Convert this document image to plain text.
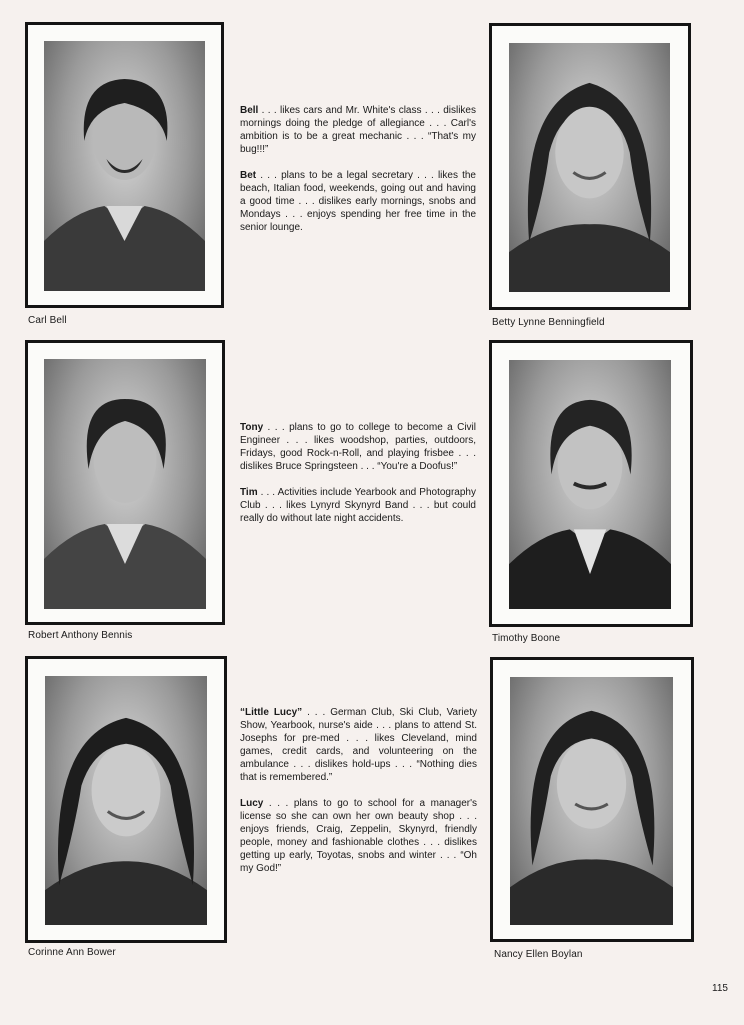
Carl Bell	Betty Lynne Benningfield
Robert Anthony Bennis	Timothy Boone
Corinne Ann Bower	Nancy Ellen Boylan

Bell . . . likes cars and Mr. White's class . . . dislikes mornings doing the pledge of allegiance . . . Carl's ambition is to be a great mechanic . . . “That's my bug!!!”

Bet . . . plans to be a legal secretary . . . likes the beach, Italian food, weekends, going out and having a good time . . . dislikes early mornings, snobs and Mondays . . . enjoys spending her free time in the senior lounge.

Tony . . . plans to go to college to become a Civil Engineer . . . likes woodshop, parties, outdoors, Fridays, good Rock-n-Roll, and playing frisbee . . . dislikes Bruce Springsteen . . . “You're a Doofus!”

Tim . . . Activities include Yearbook and Photography Club . . . likes Lynyrd Skynyrd Band . . . but could really do without late night accidents.

“Little Lucy” . . . German Club, Ski Club, Variety Show, Yearbook, nurse's aide . . . plans to attend St. Josephs for pre-med . . . likes Cleveland, mind games, credit cards, and volunteering on the ambulance . . . dislikes hold-ups . . . “Nothing dies that is remembered.”

Lucy . . . plans to go to school for a manager's license so she can own her own beauty shop . . . enjoys friends, Craig, Zeppelin, Skynyrd, friendly people, money and fashionable clothes . . . dislikes getting up early, Toyotas, snobs and winter . . . “Oh my God!”

115
